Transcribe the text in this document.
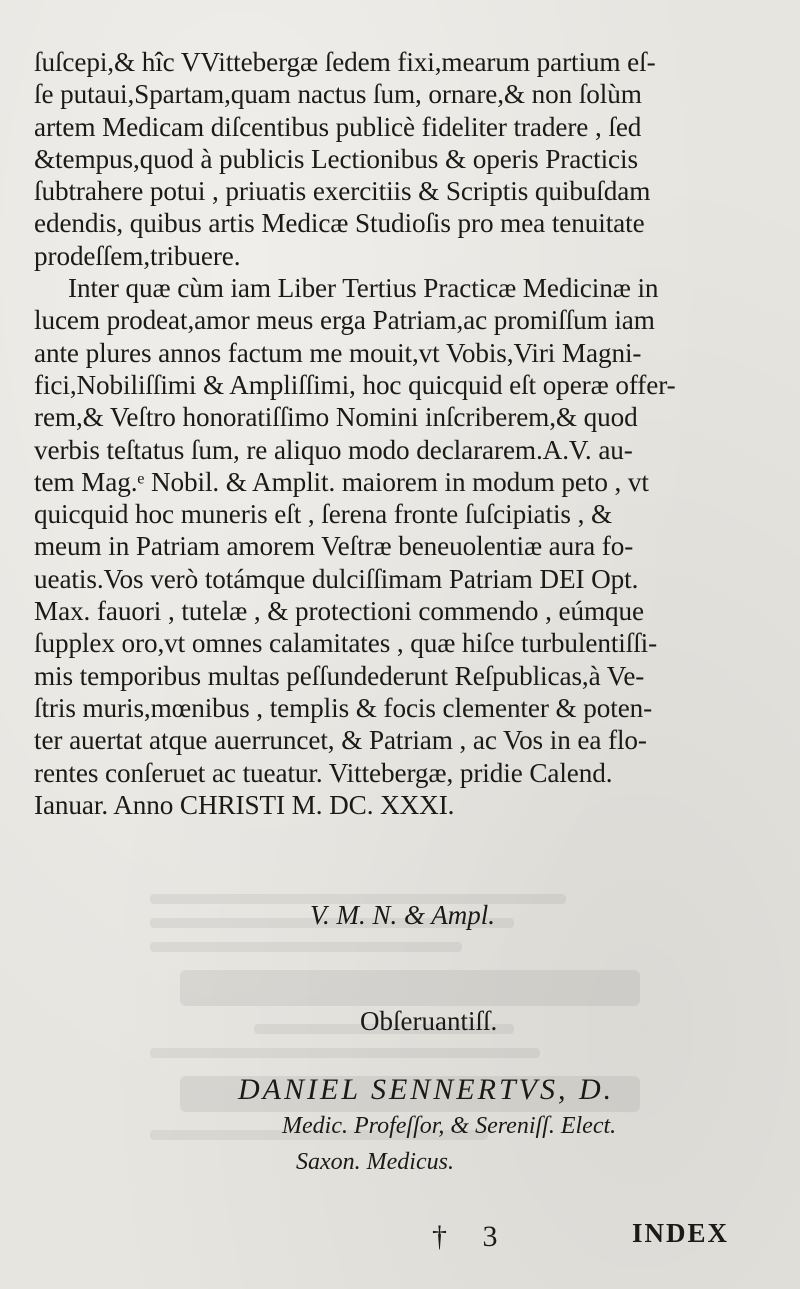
ſuſcepi,& hîc VVittebergæ ſedem fixi,mearum partium eſ-
ſe putaui,Spartam,quam nactus ſum, ornare,& non ſolùm
artem Medicam diſcentibus publicè fideliter tradere , ſed
&tempus,quod à publicis Lectionibus & operis Practicis
ſubtrahere potui , priuatis exercitiis & Scriptis quibuſdam
edendis, quibus artis Medicæ Studioſis pro mea tenuitate
prodeſſem,tribuere.
Inter quæ cùm iam Liber Tertius Practicæ Medicinæ in
lucem prodeat,amor meus erga Patriam,ac promiſſum iam
ante plures annos factum me mouit,vt Vobis,Viri Magni-
fici,Nobiliſſimi & Ampliſſimi, hoc quicquid eſt operæ offer-
rem,& Veſtro honoratiſſimo Nomini inſcriberem,& quod
verbis teſtatus ſum, re aliquo modo declararem.A.V. au-
tem Mag.ᵉ Nobil. & Amplit. maiorem in modum peto , vt
quicquid hoc muneris eſt , ſerena fronte ſuſcipiatis , &
meum in Patriam amorem Veſtræ beneuolentiæ aura fo-
ueatis.Vos verò totámque dulciſſimam Patriam DEI Opt.
Max. fauori , tutelæ , & protectioni commendo , eúmque
ſupplex oro,vt omnes calamitates , quæ hiſce turbulentiſſi-
mis temporibus multas peſſundederunt Reſpublicas,à Ve-
ſtris muris,mœnibus , templis & focis clementer & poten-
ter auertat atque auerruncet, & Patriam , ac Vos in ea flo-
rentes conſeruet ac tueatur. Vittebergæ, pridie Calend.
Ianuar. Anno CHRISTI M. DC. XXXI.
V. M. N. & Ampl.
Obſeruantiſſ.
DANIEL SENNERTVS, D.
Medic. Profeſſor, & Sereniſſ. Elect.
Saxon. Medicus.
† 3	INDEX
